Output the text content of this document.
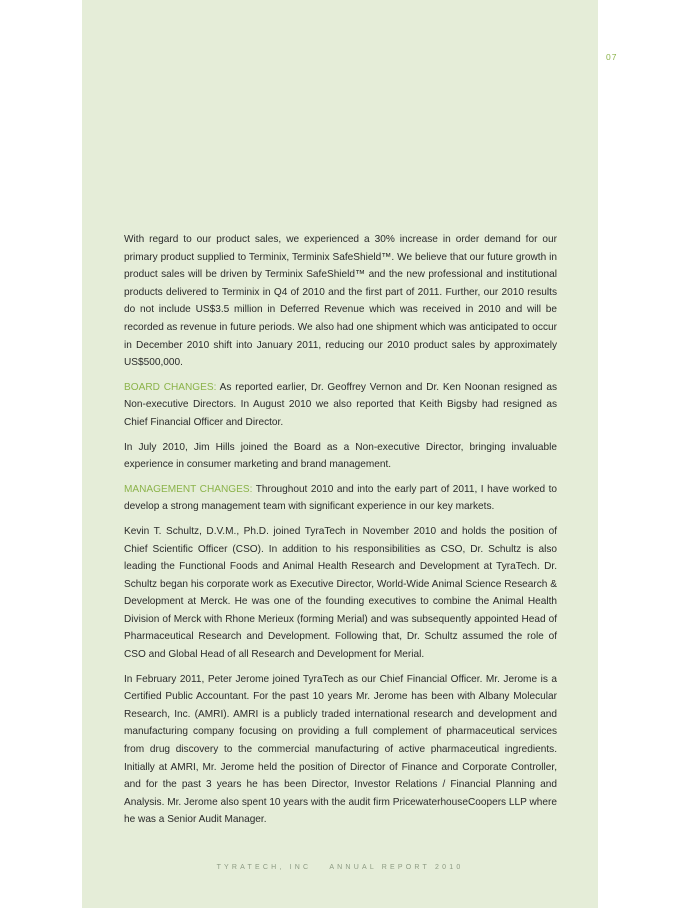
07

With regard to our product sales, we experienced a 30% increase in order demand for our primary product supplied to Terminix, Terminix SafeShield™. We believe that our future growth in product sales will be driven by Terminix SafeShield™ and the new professional and institutional products delivered to Terminix in Q4 of 2010 and the first part of 2011. Further, our 2010 results do not include US$3.5 million in Deferred Revenue which was received in 2010 and will be recorded as revenue in future periods. We also had one shipment which was anticipated to occur in December 2010 shift into January 2011, reducing our 2010 product sales by approximately US$500,000.

BOARD CHANGES: As reported earlier, Dr. Geoffrey Vernon and Dr. Ken Noonan resigned as Non-executive Directors. In August 2010 we also reported that Keith Bigsby had resigned as Chief Financial Officer and Director.

In July 2010, Jim Hills joined the Board as a Non-executive Director, bringing invaluable experience in consumer marketing and brand management.

MANAGEMENT CHANGES: Throughout 2010 and into the early part of 2011, I have worked to develop a strong management team with significant experience in our key markets.

Kevin T. Schultz, D.V.M., Ph.D. joined TyraTech in November 2010 and holds the position of Chief Scientific Officer (CSO). In addition to his responsibilities as CSO, Dr. Schultz is also leading the Functional Foods and Animal Health Research and Development at TyraTech. Dr. Schultz began his corporate work as Executive Director, World-Wide Animal Science Research & Development at Merck. He was one of the founding executives to combine the Animal Health Division of Merck with Rhone Merieux (forming Merial) and was subsequently appointed Head of Pharmaceutical Research and Development. Following that, Dr. Schultz assumed the role of CSO and Global Head of all Research and Development for Merial.

In February 2011, Peter Jerome joined TyraTech as our Chief Financial Officer. Mr. Jerome is a Certified Public Accountant. For the past 10 years Mr. Jerome has been with Albany Molecular Research, Inc. (AMRI). AMRI is a publicly traded international research and development and manufacturing company focusing on providing a full complement of pharmaceutical services from drug discovery to the commercial manufacturing of active pharmaceutical ingredients. Initially at AMRI, Mr. Jerome held the position of Director of Finance and Corporate Controller, and for the past 3 years he has been Director, Investor Relations / Financial Planning and Analysis. Mr. Jerome also spent 10 years with the audit firm PricewaterhouseCoopers LLP where he was a Senior Audit Manager.

TYRATECH, INC	ANNUAL REPORT 2010
